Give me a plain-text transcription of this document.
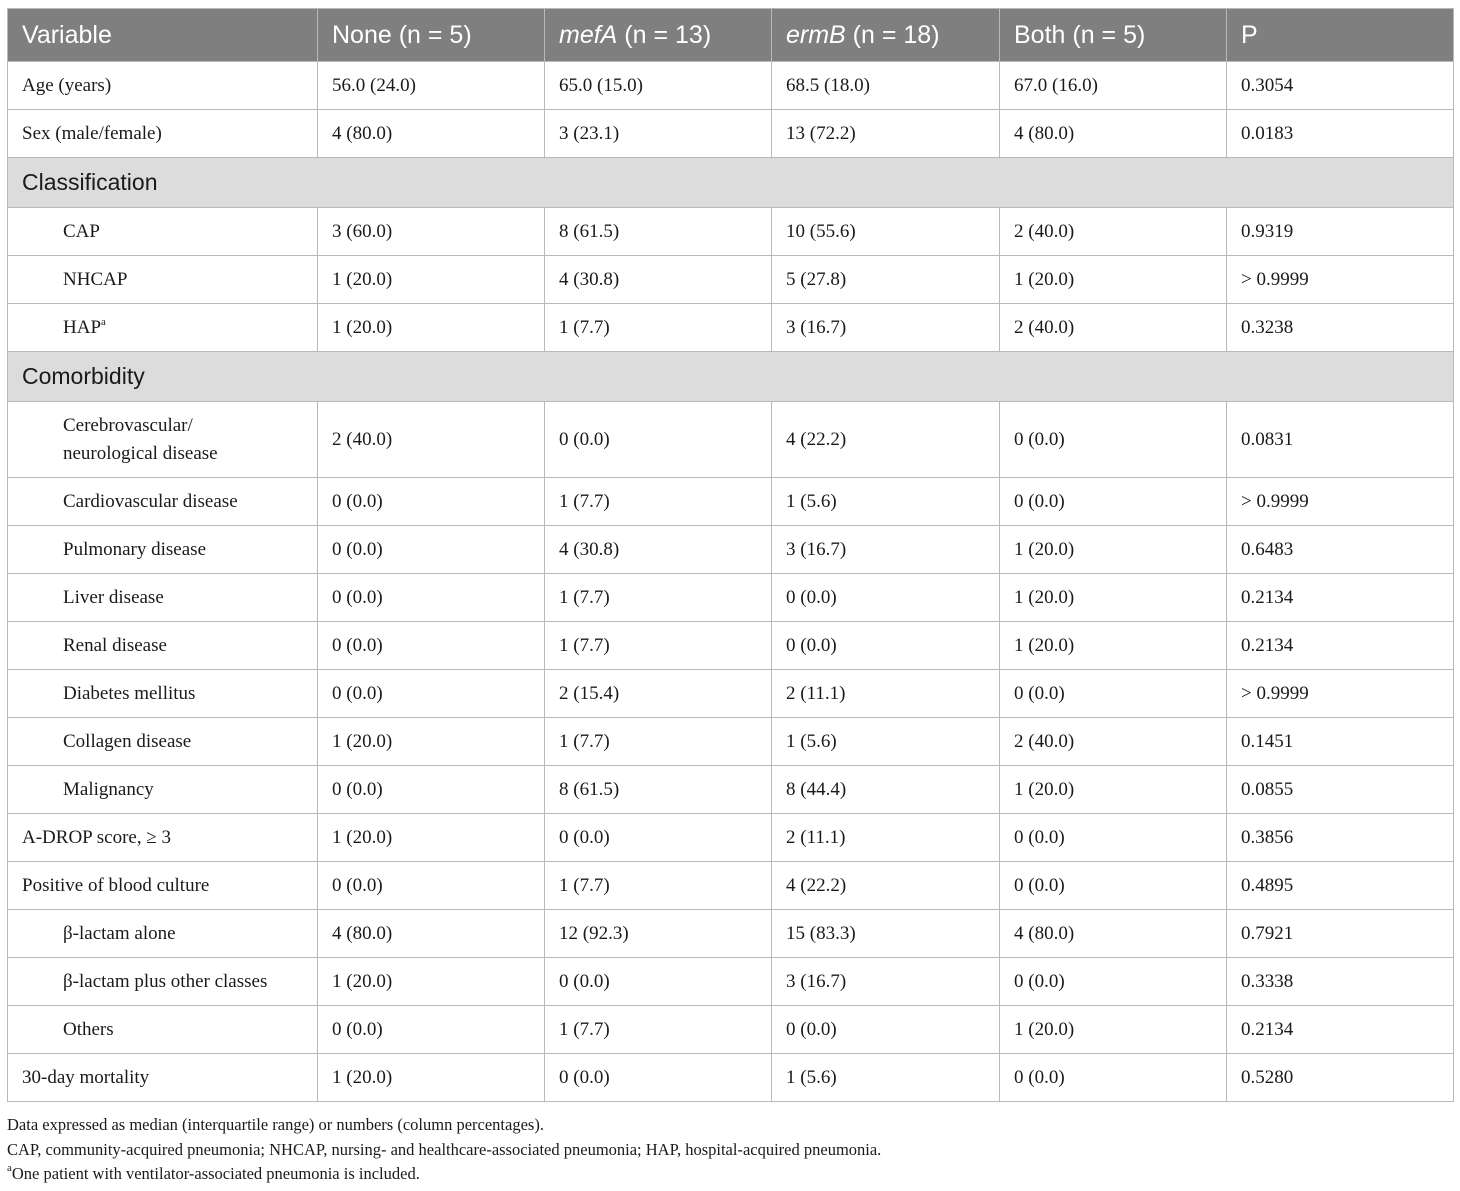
Variable	None (n = 5)	mefA (n = 13)	ermB (n = 18)	Both (n = 5)	P
Age (years)	56.0 (24.0)	65.0 (15.0)	68.5 (18.0)	67.0 (16.0)	0.3054
Sex (male/female)	4 (80.0)	3 (23.1)	13 (72.2)	4 (80.0)	0.0183
Classification					
CAP	3 (60.0)	8 (61.5)	10 (55.6)	2 (40.0)	0.9319
NHCAP	1 (20.0)	4 (30.8)	5 (27.8)	1 (20.0)	> 0.9999
HAP$^a$	1 (20.0)	1 (7.7)	3 (16.7)	2 (40.0)	0.3238
Comorbidity					
Cerebrovascular/
neurological disease	2 (40.0)	0 (0.0)	4 (22.2)	0 (0.0)	0.0831
Cardiovascular disease	0 (0.0)	1 (7.7)	1 (5.6)	0 (0.0)	> 0.9999
Pulmonary disease	0 (0.0)	4 (30.8)	3 (16.7)	1 (20.0)	0.6483
Liver disease	0 (0.0)	1 (7.7)	0 (0.0)	1 (20.0)	0.2134
Renal disease	0 (0.0)	1 (7.7)	0 (0.0)	1 (20.0)	0.2134
Diabetes mellitus	0 (0.0)	2 (15.4)	2 (11.1)	0 (0.0)	> 0.9999
Collagen disease	1 (20.0)	1 (7.7)	1 (5.6)	2 (40.0)	0.1451
Malignancy	0 (0.0)	8 (61.5)	8 (44.4)	1 (20.0)	0.0855
A-DROP score, ≥ 3	1 (20.0)	0 (0.0)	2 (11.1)	0 (0.0)	0.3856
Positive of blood culture	0 (0.0)	1 (7.7)	4 (22.2)	0 (0.0)	0.4895
β-lactam alone	4 (80.0)	12 (92.3)	15 (83.3)	4 (80.0)	0.7921
β-lactam plus other classes	1 (20.0)	0 (0.0)	3 (16.7)	0 (0.0)	0.3338
Others	0 (0.0)	1 (7.7)	0 (0.0)	1 (20.0)	0.2134
30-day mortality	1 (20.0)	0 (0.0)	1 (5.6)	0 (0.0)	0.5280
Data expressed as median (interquartile range) or numbers (column percentages).
CAP, community-acquired pneumonia; NHCAP, nursing- and healthcare-associated pneumonia; HAP, hospital-acquired pneumonia.
$^a$One patient with ventilator-associated pneumonia is included.
